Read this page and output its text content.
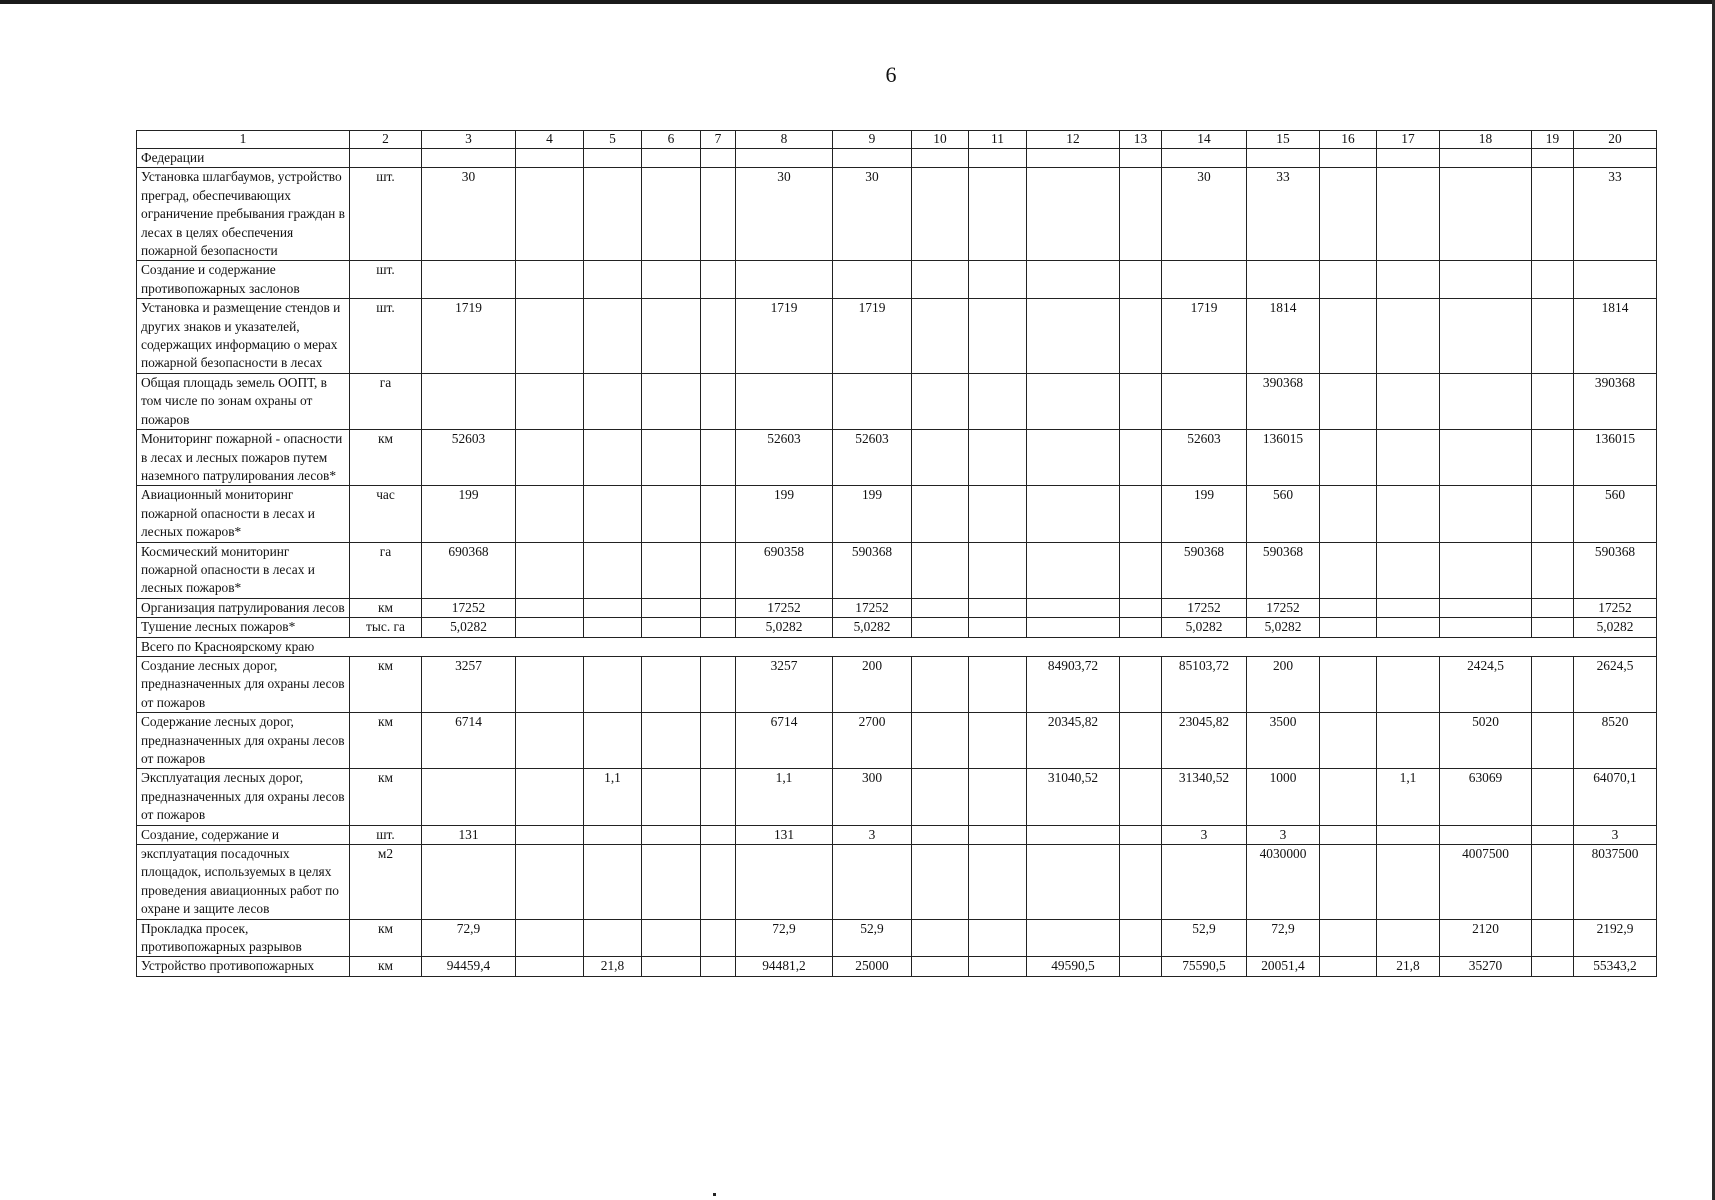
6
1	2	3	4	5	6	7	8	9	10	11	12	13	14	15	16	17	18	19	20
Федерации																			
Установка шлагбаумов, устройство преград, обеспечивающих ограничение пребывания граждан в лесах в целях обеспечения пожарной безопасности	шт.	30					30	30					30	33					33
Создание и содержание противопожарных заслонов	шт.																		
Установка и размещение стендов и других знаков и указателей, содержащих информацию о мерах пожарной безопасности в лесах	шт.	1719					1719	1719					1719	1814					1814
Общая площадь земель ООПТ, в том числе по зонам охраны от пожаров	га													390368					390368
Мониторинг пожарной - опасности в лесах и лесных пожаров путем наземного патрулирования лесов*	км	52603					52603	52603					52603	136015					136015
Авиационный мониторинг пожарной опасности в лесах и лесных пожаров*	час	199					199	199					199	560					560
Космический мониторинг пожарной опасности в лесах и лесных пожаров*	га	690368					690358	590368					590368	590368					590368
Организация патрулирования лесов	км	17252					17252	17252					17252	17252					17252
Тушение лесных пожаров*	тыс. га	5,0282					5,0282	5,0282					5,0282	5,0282					5,0282
Всего по Красноярскому краю																			
Создание лесных дорог, предназначенных для охраны лесов от пожаров	км	3257					3257	200			84903,72		85103,72	200			2424,5		2624,5
Содержание лесных дорог, предназначенных для охраны лесов от пожаров	км	6714					6714	2700			20345,82		23045,82	3500			5020		8520
Эксплуатация лесных дорог, предназначенных для охраны лесов от пожаров	км			1,1			1,1	300			31040,52		31340,52	1000		1,1	63069		64070,1
Создание, содержание и	шт.	131					131	3					3	3					3
эксплуатация посадочных площадок, используемых в целях проведения авиационных работ по охране и защите лесов	м2													4030000			4007500		8037500
Прокладка просек, противопожарных разрывов	км	72,9					72,9	52,9					52,9	72,9			2120		2192,9
Устройство противопожарных	км	94459,4		21,8			94481,2	25000			49590,5		75590,5	20051,4		21,8	35270		55343,2
